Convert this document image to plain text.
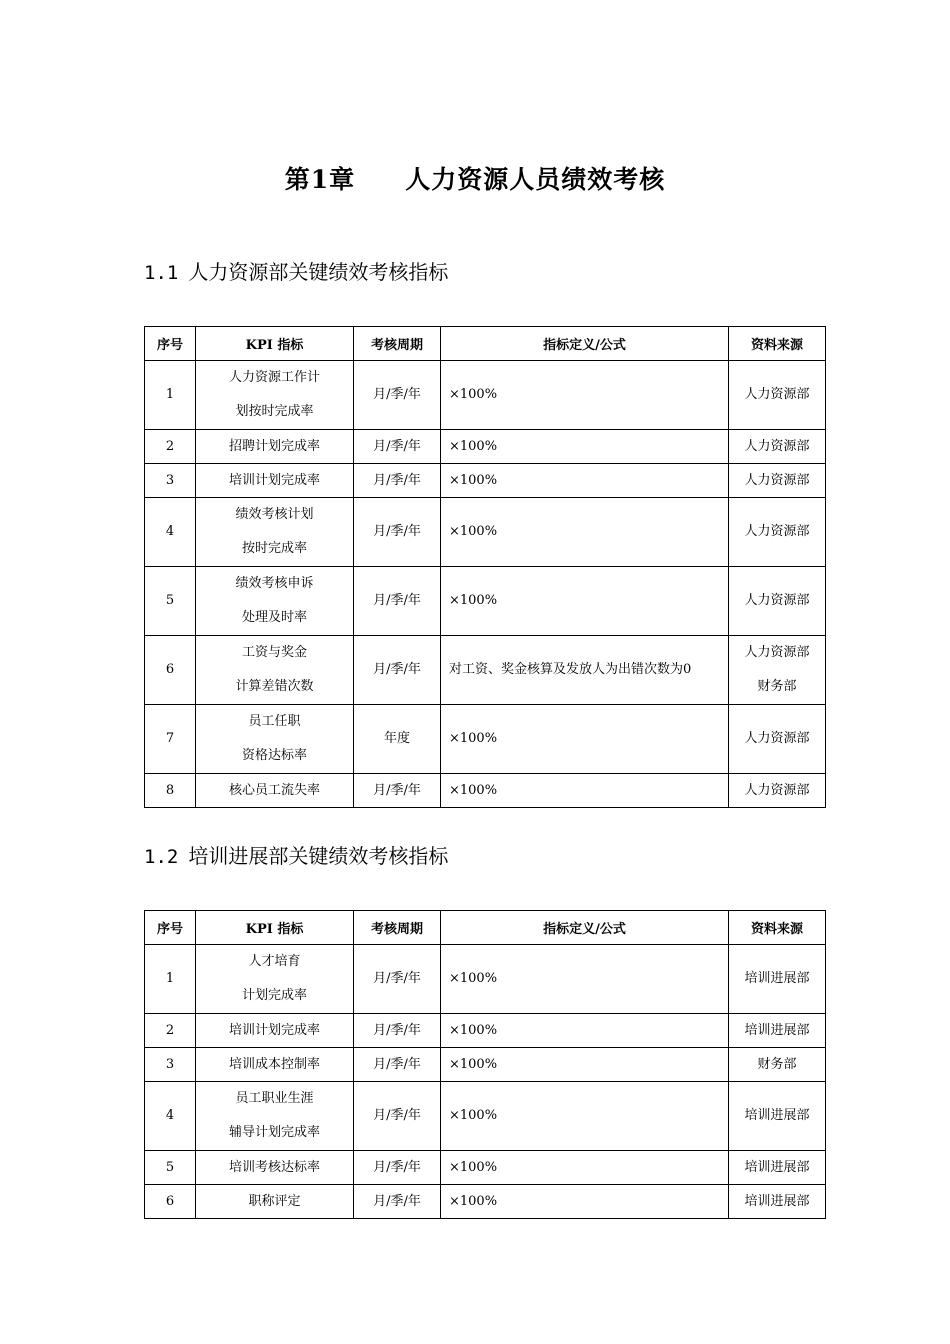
第1章 人力资源人员绩效考核
1.1 人力资源部关键绩效考核指标
序号	KPI 指标	考核周期	指标定义/公式	资料来源
1	人力资源工作计
划按时完成率	月/季/年	×100%	人力资源部

2	招聘计划完成率	月/季/年	×100%	人力资源部

3	培训计划完成率	月/季/年	×100%	人力资源部

4	绩效考核计划
按时完成率	月/季/年	×100%	人力资源部

5	绩效考核申诉
处理及时率	月/季/年	×100%	人力资源部

6	工资与奖金
计算差错次数	月/季/年	对工资、奖金核算及发放人为出错次数为0	人力资源部
财务部

7	员工任职
资格达标率	年度	×100%	人力资源部

8	核心员工流失率	月/季/年	×100%	人力资源部
1.2 培训进展部关键绩效考核指标
序号	KPI 指标	考核周期	指标定义/公式	资料来源
1	人才培育
计划完成率	月/季/年	×100%	培训进展部

2	培训计划完成率	月/季/年	×100%	培训进展部

3	培训成本控制率	月/季/年	×100%	财务部

4	员工职业生涯
辅导计划完成率	月/季/年	×100%	培训进展部

5	培训考核达标率	月/季/年	×100%	培训进展部

6	职称评定	月/季/年	×100%	培训进展部
